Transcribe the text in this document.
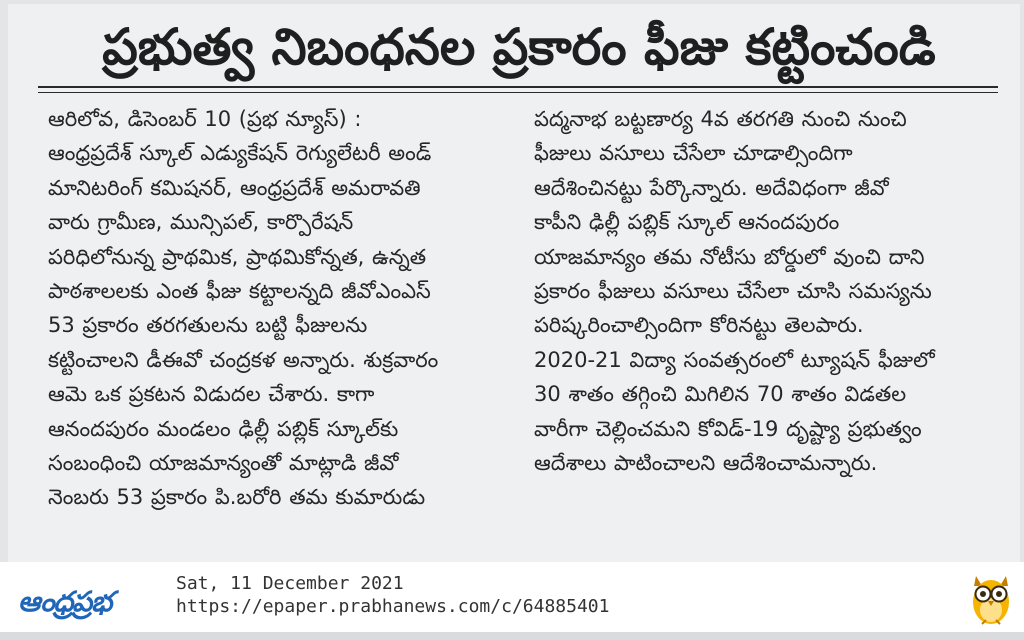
ప్రభుత్వ నిబంధనల ప్రకారం ఫీజు కట్టించండి
ఆరిలోవ, డిసెంబర్ 10 (ప్రభ న్యూస్) :
ఆంధ్రప్రదేశ్ స్కూల్ ఎడ్యుకేషన్ రెగ్యులేటరీ అండ్
మానిటరింగ్ కమిషనర్, ఆంధ్రప్రదేశ్ అమరావతి
వారు గ్రామీణ, మున్సిపల్, కార్పొరేషన్
పరిధిలోనున్న ప్రాథమిక, ప్రాథమికోన్నత, ఉన్నత
పాఠశాలలకు ఎంత ఫీజు కట్టాలన్నది జీవోఎంఎస్
53 ప్రకారం తరగతులను బట్టి ఫీజులను
కట్టించాలని డీఈవో చంద్రకళ అన్నారు. శుక్రవారం
ఆమె ఒక ప్రకటన విడుదల చేశారు. కాగా
ఆనందపురం మండలం ఢిల్లీ పబ్లిక్ స్కూల్‌కు
సంబంధించి యాజమాన్యంతో మాట్లాడి జీవో
నెంబరు 53 ప్రకారం పి.బరోరి తమ కుమారుడు
పద్మనాభ బట్టణార్య 4వ తరగతి నుంచి నుంచి
ఫీజులు వసూలు చేసేలా చూడాల్సిందిగా
ఆదేశించినట్టు పేర్కొన్నారు. అదేవిధంగా జీవో
కాపీని ఢిల్లీ పబ్లిక్ స్కూల్ ఆనందపురం
యాజమాన్యం తమ నోటీసు బోర్డులో వుంచి దాని
ప్రకారం ఫీజులు వసూలు చేసేలా చూసి సమస్యను
పరిష్కరించాల్సిందిగా కోరినట్టు తెలపారు.
2020-21 విద్యా సంవత్సరంలో ట్యూషన్ ఫీజులో
30 శాతం తగ్గించి మిగిలిన 70 శాతం విడతల
వారీగా చెల్లించమని కోవిడ్-19 దృష్ట్యా ప్రభుత్వం
ఆదేశాలు పాటించాలని ఆదేశించామన్నారు.
ఆంధ్రప్రభ
Sat, 11 December 2021
https://epaper.prabhanews.com/c/64885401
